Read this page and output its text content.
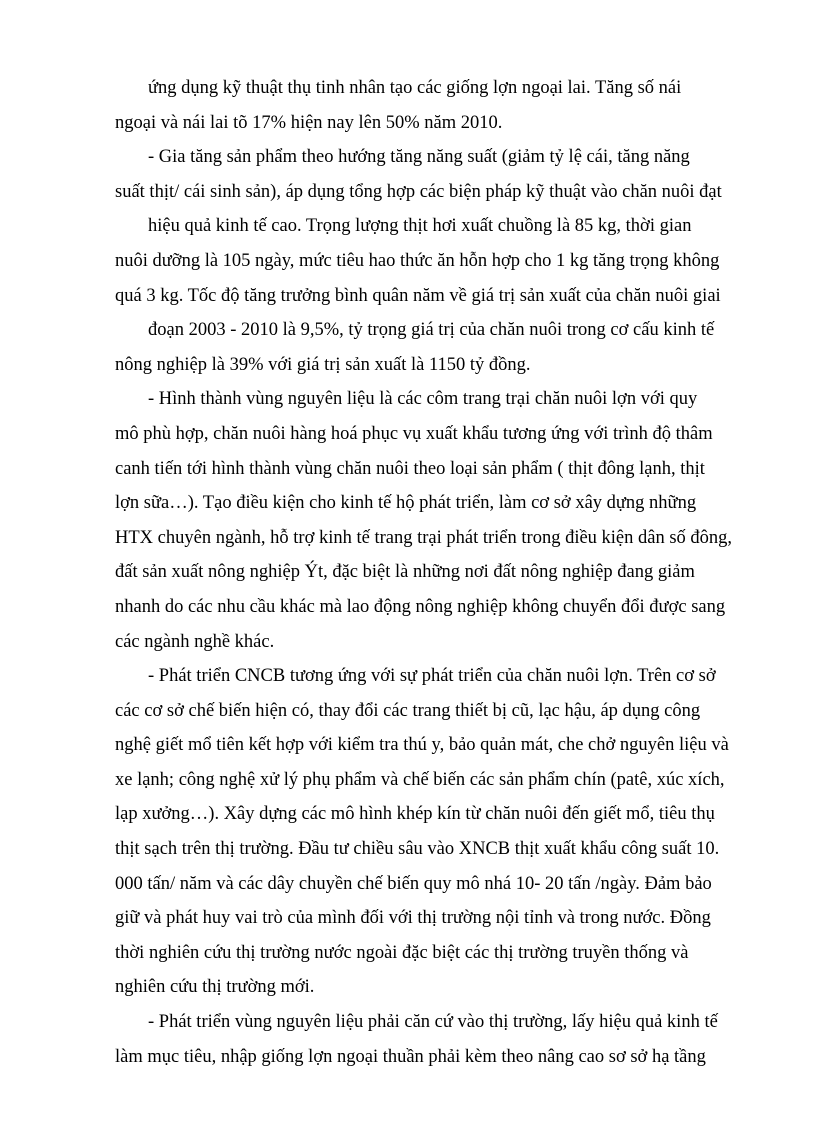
ứng dụng kỹ thuật thụ tinh nhân tạo các giống lợn ngoại lai. Tăng số nái
ngoại và nái lai tõ 17% hiện nay lên 50% năm 2010.
- Gia tăng sản phẩm theo hướng tăng năng suất (giảm tỷ lệ cái, tăng năng
suất thịt/ cái sinh sản), áp dụng tổng hợp các biện pháp kỹ thuật vào chăn nuôi đạt
hiệu quả kinh tế cao. Trọng lượng thịt hơi xuất chuồng là 85 kg, thời gian
nuôi dưỡng là 105 ngày, mức tiêu hao thức ăn hỗn hợp cho 1 kg tăng trọng không
quá 3 kg. Tốc độ tăng trưởng bình quân năm về giá trị sản xuất của chăn nuôi giai
đoạn 2003 - 2010 là 9,5%, tỷ trọng giá trị của chăn nuôi trong cơ cấu kinh tế
nông nghiệp là 39% với giá trị sản xuất là 1150 tỷ đồng.
- Hình thành vùng nguyên liệu là các côm trang trại chăn nuôi lợn với quy
mô phù hợp, chăn nuôi hàng hoá phục vụ xuất khẩu tương ứng với trình độ thâm
canh tiến tới hình thành vùng chăn nuôi theo loại sản phẩm ( thịt đông lạnh, thịt
lợn sữa…). Tạo điều kiện cho kinh tế hộ phát triển, làm cơ sở xây dựng những
HTX chuyên ngành, hỗ trợ kinh tế trang trại phát triển trong điều kiện dân số đông,
đất sản xuất nông nghiệp Ýt, đặc biệt là những nơi đất nông nghiệp đang giảm
nhanh do các nhu cầu khác mà lao động nông nghiệp không chuyển đổi được sang
các ngành nghề khác.
- Phát triển CNCB tương ứng với sự phát triển của chăn nuôi lợn. Trên cơ sở
các cơ sở chế biến hiện có, thay đổi các trang thiết bị cũ, lạc hậu, áp dụng công
nghệ giết mổ tiên kết hợp với kiểm tra thú y, bảo quản mát, che chở nguyên liệu và
xe lạnh; công nghệ xử lý phụ phẩm và chế biến các sản phẩm chín (patê, xúc xích,
lạp xưởng…). Xây dựng các mô hình khép kín từ chăn nuôi đến giết mổ, tiêu thụ
thịt sạch trên thị trường. Đầu tư chiều sâu vào XNCB thịt xuất khẩu công suất 10.
000 tấn/ năm và các dây chuyền chế biến quy mô nhá 10- 20 tấn /ngày. Đảm bảo
giữ và phát huy vai trò của mình đối với thị trường nội tỉnh và trong nước. Đồng
thời nghiên cứu thị trường nước ngoài đặc biệt các thị trường truyền thống và
nghiên cứu thị trường mới.
- Phát triển vùng nguyên liệu phải căn cứ vào thị trường, lấy hiệu quả kinh tế
làm mục tiêu, nhập giống lợn ngoại thuần phải kèm theo nâng cao sơ sở hạ tầng
